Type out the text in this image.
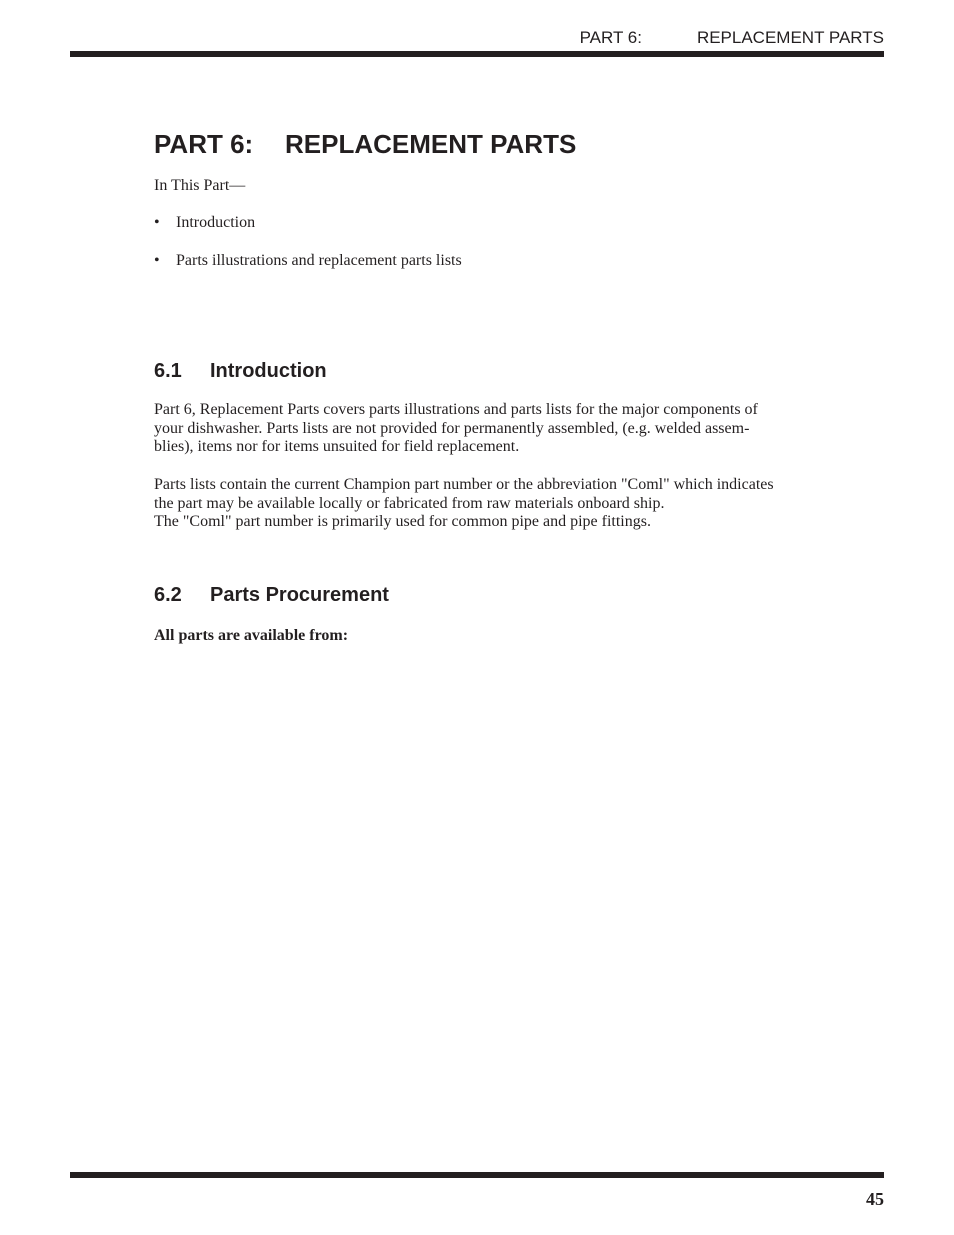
PART 6:	REPLACEMENT PARTS
PART 6: REPLACEMENT PARTS
In This Part—
• Introduction
• Parts illustrations and replacement parts lists
6.1 Introduction

Part 6, Replacement Parts covers parts illustrations and parts lists for the major components of
your dishwasher. Parts lists are not provided for permanently assembled, (e.g. welded assem-
blies), items nor for items unsuited for field replacement.

Parts lists contain the current Champion part number or the abbreviation "Coml" which indicates
the part may be available locally or fabricated from raw materials onboard ship.
The "Coml" part number is primarily used for common pipe and pipe fittings.

6.2 Parts Procurement
All parts are available from:
45
